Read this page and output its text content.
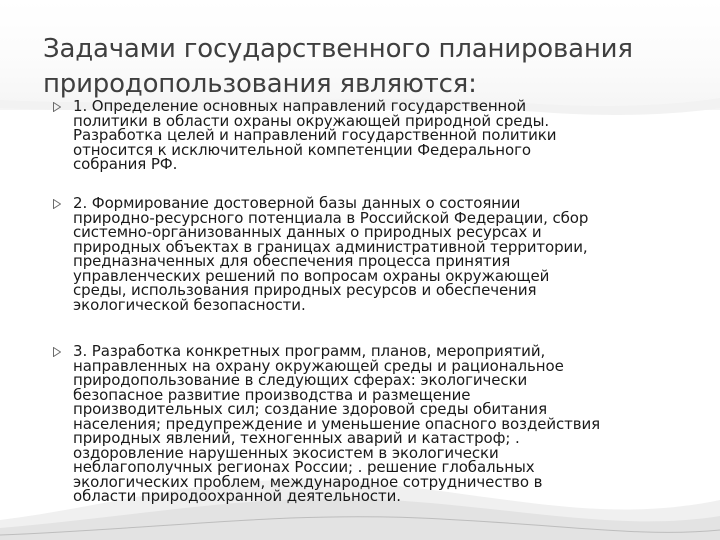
Задачами государственного планирования
природопользования являются:

1. Определение основных направлений государственной
политики в области охраны окружающей природной среды.
Разработка целей и направлений государственной политики
относится к исключительной компетенции Федерального
собрания РФ.

2. Формирование достоверной базы данных о состоянии
природно-ресурсного потенциала в Российской Федерации, сбор
системно-организованных данных о природных ресурсах и
природных объектах в границах административной территории,
предназначенных для обеспечения процесса принятия
управленческих решений по вопросам охраны окружающей
среды, использования природных ресурсов и обеспечения
экологической безопасности.

3. Разработка конкретных программ, планов, мероприятий,
направленных на охрану окружающей среды и рациональное
природопользование в следующих сферах: экологически
безопасное развитие производства и размещение
производительных сил; создание здоровой среды обитания
населения; предупреждение и уменьшение опасного воздействия
природных явлений, техногенных аварий и катастроф; .
оздоровление нарушенных экосистем в экологически
неблагополучных регионах России; . решение глобальных
экологических проблем, международное сотрудничество в
области природоохранной деятельности.
